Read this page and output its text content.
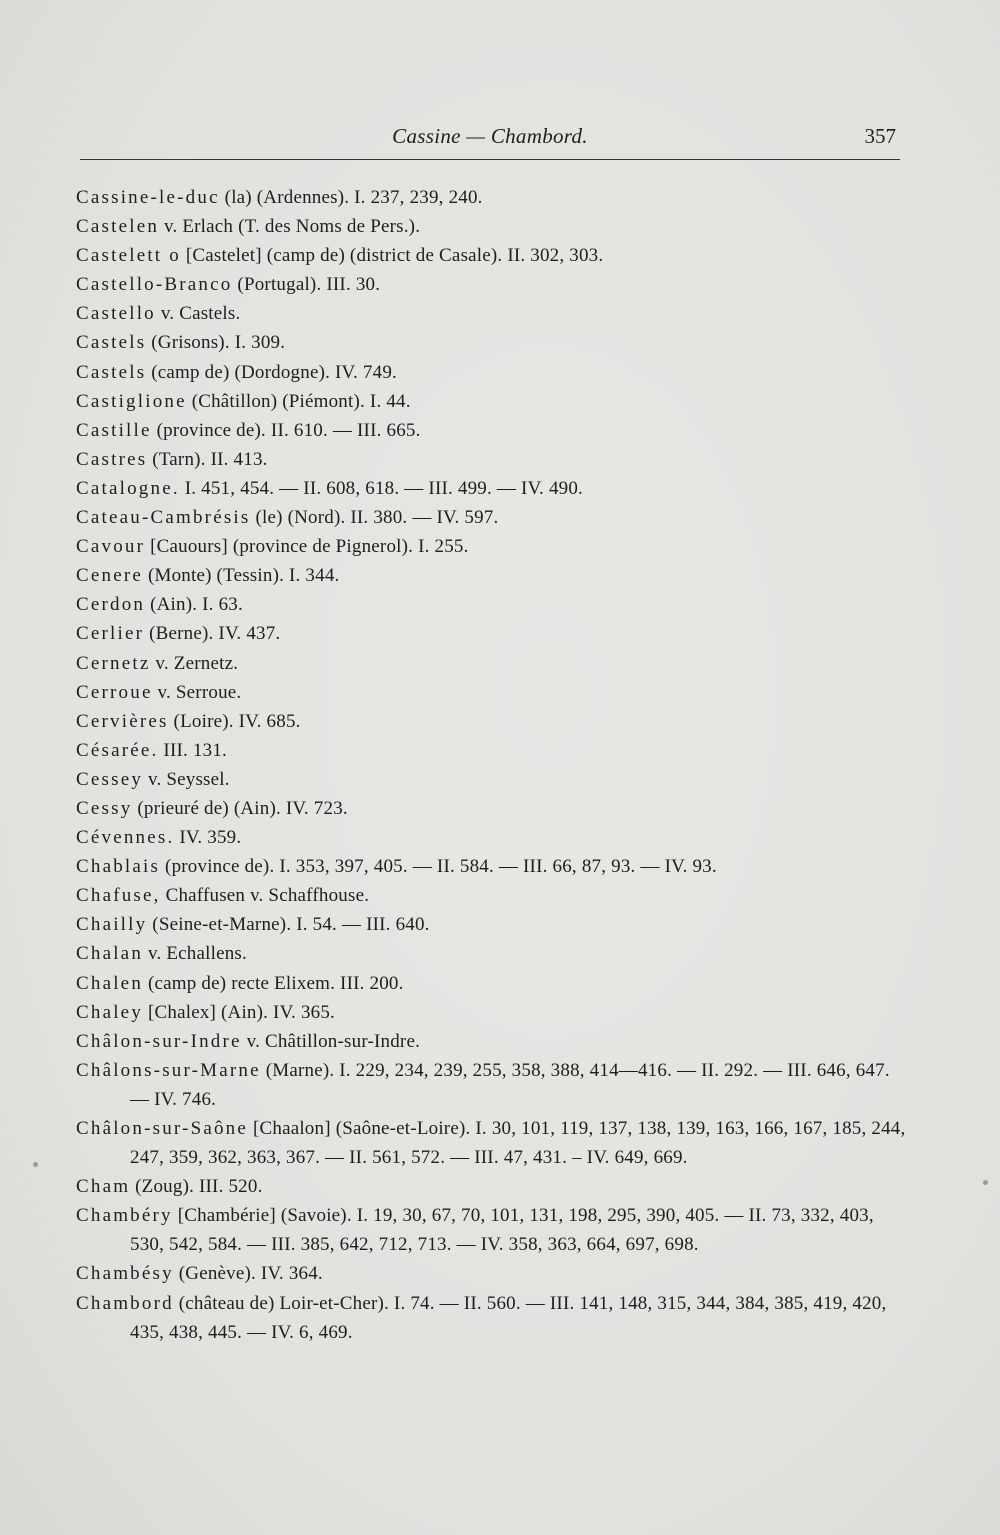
Cassine — Chambord.	357
Cassine-le-duc (la) (Ardennes). I. 237, 239, 240.
Castelen v. Erlach (T. des Noms de Pers.).
Castelett o [Castelet] (camp de) (district de Casale). II. 302, 303.
Castello-Branco (Portugal). III. 30.
Castello v. Castels.
Castels (Grisons). I. 309.
Castels (camp de) (Dordogne). IV. 749.
Castiglione (Châtillon) (Piémont). I. 44.
Castille (province de). II. 610. — III. 665.
Castres (Tarn). II. 413.
Catalogne. I. 451, 454. — II. 608, 618. — III. 499. — IV. 490.
Cateau-Cambrésis (le) (Nord). II. 380. — IV. 597.
Cavour [Cauours] (province de Pignerol). I. 255.
Cenere (Monte) (Tessin). I. 344.
Cerdon (Ain). I. 63.
Cerlier (Berne). IV. 437.
Cernetz v. Zernetz.
Cerroue v. Serroue.
Cervières (Loire). IV. 685.
Césarée. III. 131.
Cessey v. Seyssel.
Cessy (prieuré de) (Ain). IV. 723.
Cévennes. IV. 359.
Chablais (province de). I. 353, 397, 405. — II. 584. — III. 66, 87, 93. — IV. 93.
Chafuse, Chaffusen v. Schaffhouse.
Chailly (Seine-et-Marne). I. 54. — III. 640.
Chalan v. Echallens.
Chalen (camp de) recte Elixem. III. 200.
Chaley [Chalex] (Ain). IV. 365.
Châlon-sur-Indre v. Châtillon-sur-Indre.
Châlons-sur-Marne (Marne). I. 229, 234, 239, 255, 358, 388, 414—416. — II. 292. — III. 646, 647. — IV. 746.
Châlon-sur-Saône [Chaalon] (Saône-et-Loire). I. 30, 101, 119, 137, 138, 139, 163, 166, 167, 185, 244, 247, 359, 362, 363, 367. — II. 561, 572. — III. 47, 431. – IV. 649, 669.
Cham (Zoug). III. 520.
Chambéry [Chambérie] (Savoie). I. 19, 30, 67, 70, 101, 131, 198, 295, 390, 405. — II. 73, 332, 403, 530, 542, 584. — III. 385, 642, 712, 713. — IV. 358, 363, 664, 697, 698.
Chambésy (Genève). IV. 364.
Chambord (château de) Loir-et-Cher). I. 74. — II. 560. — III. 141, 148, 315, 344, 384, 385, 419, 420, 435, 438, 445. — IV. 6, 469.
